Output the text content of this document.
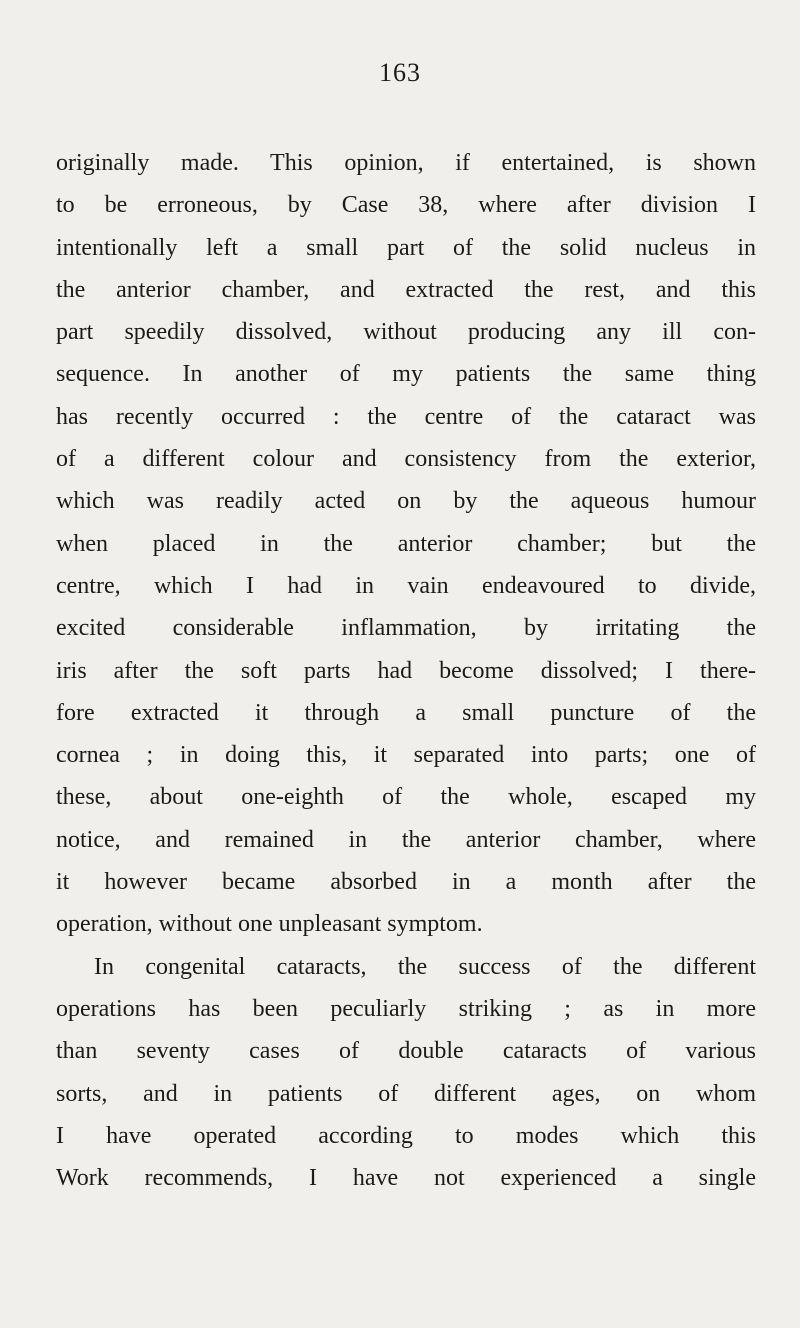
163
originally made. This opinion, if entertained, is shown
to be erroneous, by Case 38, where after division I
intentionally left a small part of the solid nucleus in
the anterior chamber, and extracted the rest, and this
part speedily dissolved, without producing any ill con-
sequence. In another of my patients the same thing
has recently occurred : the centre of the cataract was
of a different colour and consistency from the exterior,
which was readily acted on by the aqueous humour
when placed in the anterior chamber; but the
centre, which I had in vain endeavoured to divide,
excited considerable inflammation, by irritating the
iris after the soft parts had become dissolved; I there-
fore extracted it through a small puncture of the
cornea ; in doing this, it separated into parts; one of
these, about one-eighth of the whole, escaped my
notice, and remained in the anterior chamber, where
it however became absorbed in a month after the
operation, without one unpleasant symptom.
In congenital cataracts, the success of the different
operations has been peculiarly striking ; as in more
than seventy cases of double cataracts of various
sorts, and in patients of different ages, on whom
I have operated according to modes which this
Work recommends, I have not experienced a single
